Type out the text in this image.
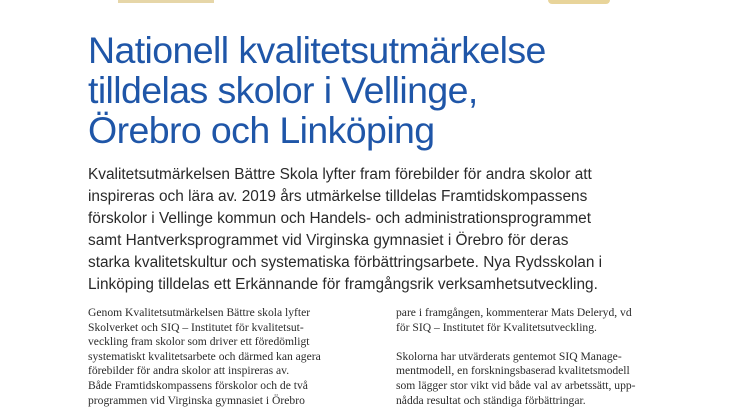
Nationell kvalitetsutmärkelse
tilldelas skolor i Vellinge,
Örebro och Linköping

Kvalitetsutmärkelsen Bättre Skola lyfter fram förebilder för andra skolor att
inspireras och lära av. 2019 års utmärkelse tilldelas Framtidskompassens
förskolor i Vellinge kommun och Handels- och administrationsprogrammet
samt Hantverksprogrammet vid Virginska gymnasiet i Örebro för deras
starka kvalitetskultur och systematiska förbättringsarbete. Nya Rydsskolan i
Linköping tilldelas ett Erkännande för framgångsrik verksamhetsutveckling.

Genom Kvalitetsutmärkelsen Bättre skola lyfter
Skolverket och SIQ – Institutet för kvalitetsut-
veckling fram skolor som driver ett föredömligt
systematiskt kvalitetsarbete och därmed kan agera
förebilder för andra skolor att inspireras av.
Både Framtidskompassens förskolor och de två
programmen vid Virginska gymnasiet i Örebro
pare i framgången, kommenterar Mats Deleryd, vd
för SIQ – Institutet för Kvalitetsutveckling.
Skolorna har utvärderats gentemot SIQ Manage-
mentmodell, en forskningsbaserad kvalitetsmodell
som lägger stor vikt vid både val av arbetssätt, upp-
nådda resultat och ständiga förbättringar.
